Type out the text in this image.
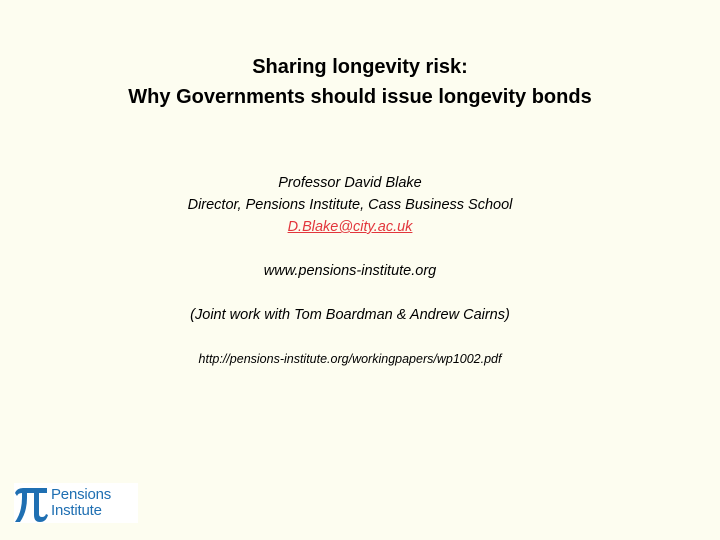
Sharing longevity risk:
Why Governments should issue longevity bonds
Professor David Blake
Director, Pensions Institute, Cass Business School
D.Blake@city.ac.uk
www.pensions-institute.org
(Joint work with Tom Boardman & Andrew Cairns)
http://pensions-institute.org/workingpapers/wp1002.pdf
Pensions
Institute
